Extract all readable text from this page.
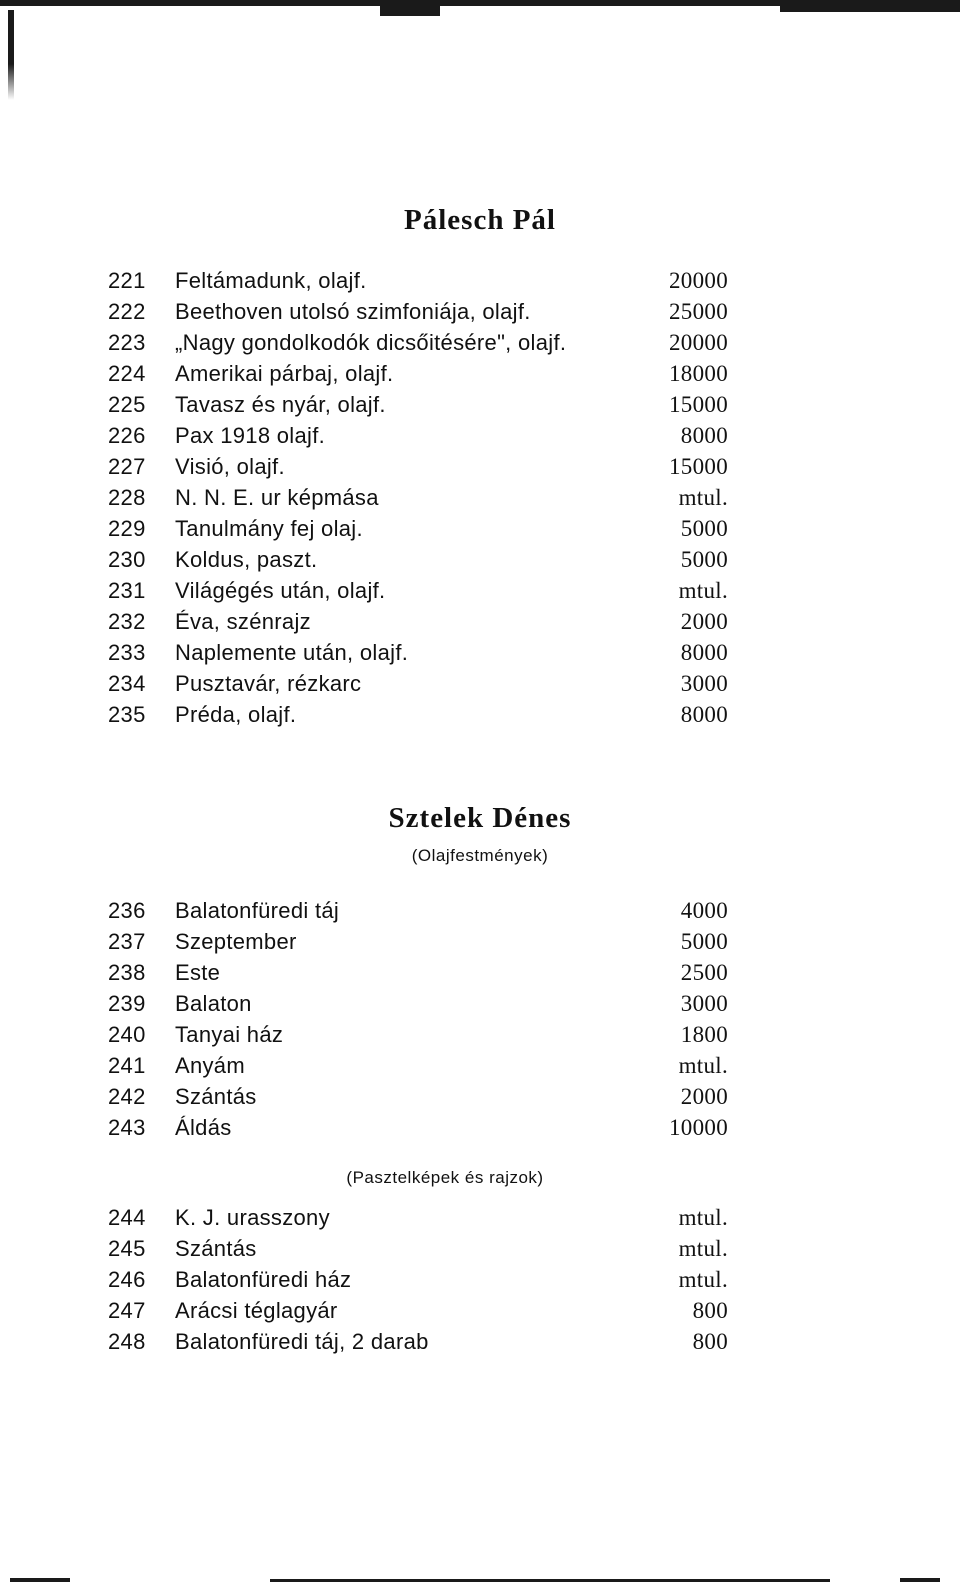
Pálesch Pál
221	Feltámadunk, olajf.	20000
222	Beethoven utolsó szimfoniája, olajf.	25000
223	„Nagy gondolkodók dicsőitésére", olajf.	20000
224	Amerikai párbaj, olajf.	18000
225	Tavasz és nyár, olajf.	15000
226	Pax 1918 olajf.	8000
227	Visió, olajf.	15000
228	N. N. E. ur képmása	mtul.
229	Tanulmány fej olaj.	5000
230	Koldus, paszt.	5000
231	Világégés után, olajf.	mtul.
232	Éva, szénrajz	2000
233	Naplemente után, olajf.	8000
234	Pusztavár, rézkarc	3000
235	Préda, olajf.	8000
Sztelek Dénes
(Olajfestmények)
236	Balatonfüredi táj	4000
237	Szeptember	5000
238	Este	2500
239	Balaton	3000
240	Tanyai ház	1800
241	Anyám	mtul.
242	Szántás	2000
243	Áldás	10000
(Pasztelképek és rajzok)
244	K. J. urasszony	mtul.
245	Szántás	mtul.
246	Balatonfüredi ház	mtul.
247	Arácsi téglagyár	800
248	Balatonfüredi táj, 2 darab	800
